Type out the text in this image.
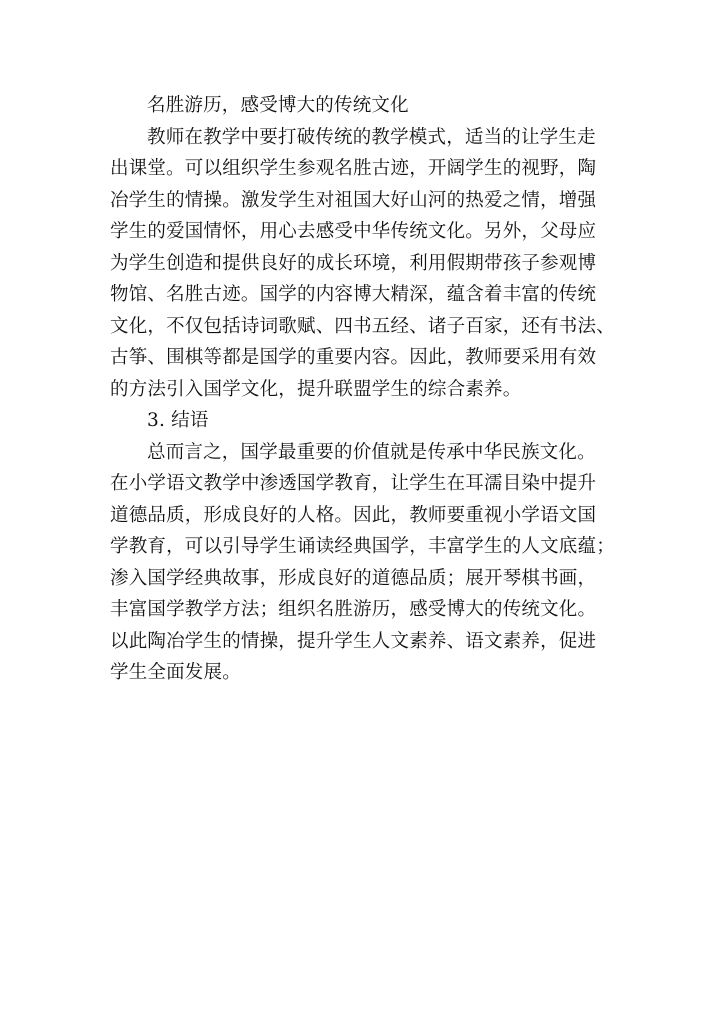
名胜游历，感受博大的传统文化
教师在教学中要打破传统的教学模式，适当的让学生走
出课堂。可以组织学生参观名胜古迹，开阔学生的视野，陶
冶学生的情操。激发学生对祖国大好山河的热爱之情，增强
学生的爱国情怀，用心去感受中华传统文化。另外，父母应
为学生创造和提供良好的成长环境，利用假期带孩子参观博
物馆、名胜古迹。国学的内容博大精深，蕴含着丰富的传统
文化，不仅包括诗词歌赋、四书五经、诸子百家，还有书法、
古筝、围棋等都是国学的重要内容。因此，教师要采用有效
的方法引入国学文化，提升联盟学生的综合素养。
3. 结语
总而言之，国学最重要的价值就是传承中华民族文化。
在小学语文教学中渗透国学教育，让学生在耳濡目染中提升
道德品质，形成良好的人格。因此，教师要重视小学语文国
学教育，可以引导学生诵读经典国学，丰富学生的人文底蕴；
渗入国学经典故事，形成良好的道德品质；展开琴棋书画，
丰富国学教学方法；组织名胜游历，感受博大的传统文化。
以此陶冶学生的情操，提升学生人文素养、语文素养，促进
学生全面发展。
